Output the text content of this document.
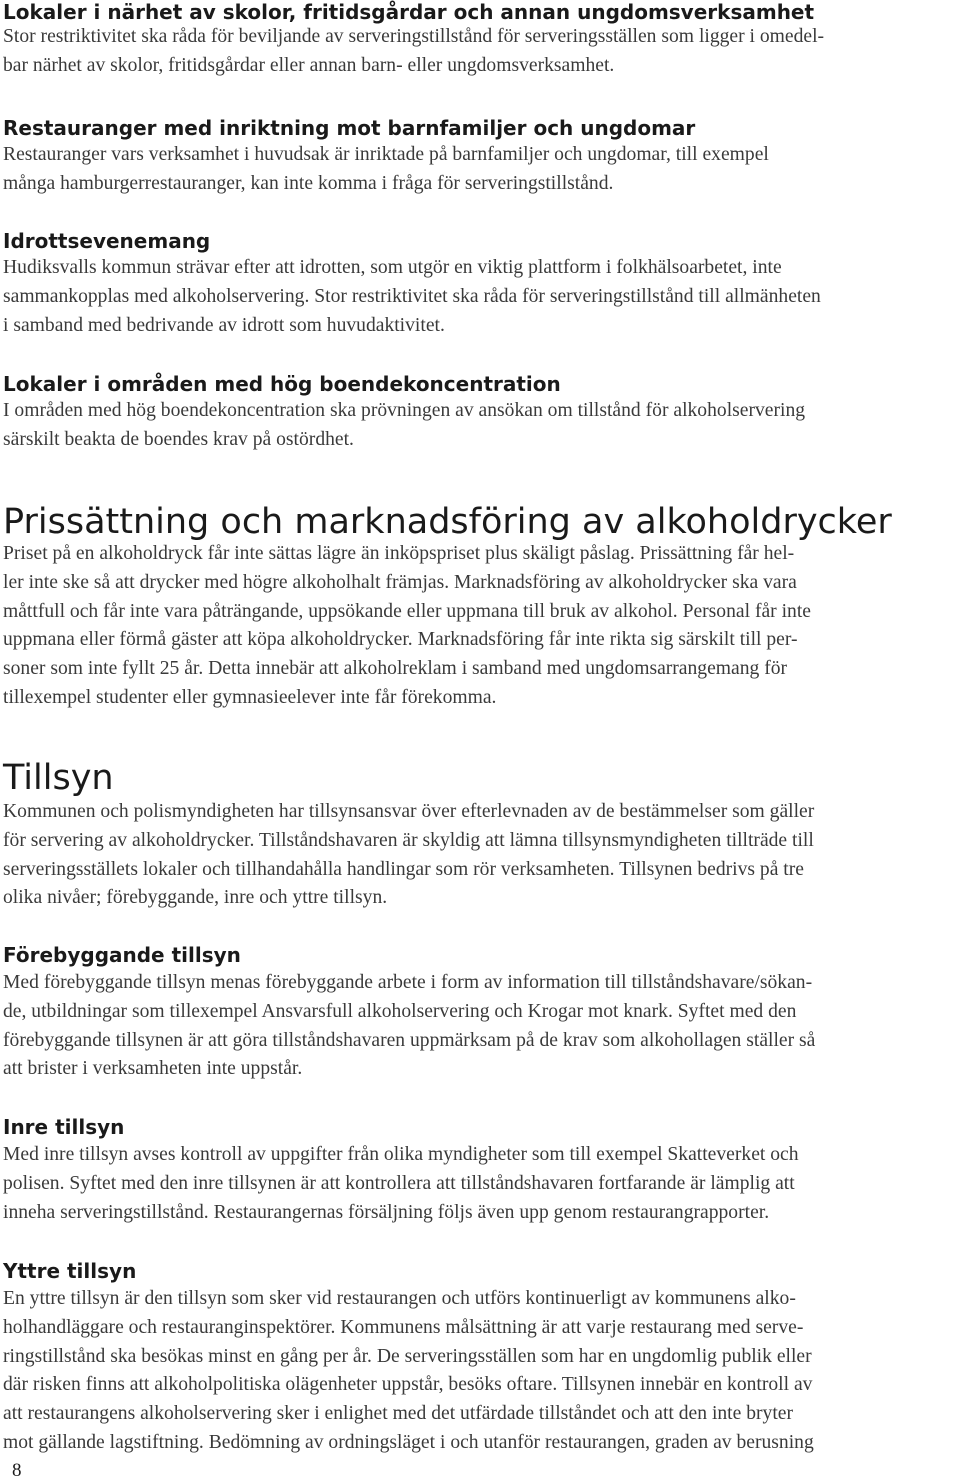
Lokaler i närhet av skolor, fritidsgårdar och annan ungdomsverksamhet

Stor restriktivitet ska råda för beviljande av serveringstillstånd för serveringsställen som ligger i omedel-
bar närhet av skolor, fritidsgårdar eller annan barn- eller ungdomsverksamhet.

Restauranger med inriktning mot barnfamiljer och ungdomar

Restauranger vars verksamhet i huvudsak är inriktade på barnfamiljer och ungdomar, till exempel
många hamburgerrestauranger, kan inte komma i fråga för serveringstillstånd.

Idrottsevenemang

Hudiksvalls kommun strävar efter att idrotten, som utgör en viktig plattform i folkhälsoarbetet, inte
sammankopplas med alkoholservering. Stor restriktivitet ska råda för serveringstillstånd till allmänheten
i samband med bedrivande av idrott som huvudaktivitet.

Lokaler i områden med hög boendekoncentration

I områden med hög boendekoncentration ska prövningen av ansökan om tillstånd för alkoholservering
särskilt beakta de boendes krav på ostördhet.

Prissättning och marknadsföring av alkoholdrycker

Priset på en alkoholdryck får inte sättas lägre än inköpspriset plus skäligt påslag. Prissättning får hel-
ler inte ske så att drycker med högre alkoholhalt främjas. Marknadsföring av alkoholdrycker ska vara
måttfull och får inte vara påträngande, uppsökande eller uppmana till bruk av alkohol. Personal får inte
uppmana eller förmå gäster att köpa alkoholdrycker. Marknadsföring får inte rikta sig särskilt till per-
soner som inte fyllt 25 år. Detta innebär att alkoholreklam i samband med ungdomsarrangemang för
tillexempel studenter eller gymnasieelever inte får förekomma.

Tillsyn

Kommunen och polismyndigheten har tillsynsansvar över efterlevnaden av de bestämmelser som gäller
för servering av alkoholdrycker. Tillståndshavaren är skyldig att lämna tillsynsmyndigheten tillträde till
serveringsställets lokaler och tillhandahålla handlingar som rör verksamheten. Tillsynen bedrivs på tre
olika nivåer; förebyggande, inre och yttre tillsyn.

Förebyggande tillsyn

Med förebyggande tillsyn menas förebyggande arbete i form av information till tillståndshavare/sökan-
de, utbildningar som tillexempel Ansvarsfull alkoholservering och Krogar mot knark. Syftet med den
förebyggande tillsynen är att göra tillståndshavaren uppmärksam på de krav som alkohollagen ställer så
att brister i verksamheten inte uppstår.

Inre tillsyn

Med inre tillsyn avses kontroll av uppgifter från olika myndigheter som till exempel Skatteverket och
polisen. Syftet med den inre tillsynen är att kontrollera att tillståndshavaren fortfarande är lämplig att
inneha serveringstillstånd. Restaurangernas försäljning följs även upp genom restaurangrapporter.

Yttre tillsyn

En yttre tillsyn är den tillsyn som sker vid restaurangen och utförs kontinuerligt av kommunens alko-
holhandläggare och restauranginspektörer. Kommunens målsättning är att varje restaurang med serve-
ringstillstånd ska besökas minst en gång per år. De serveringsställen som har en ungdomlig publik eller
där risken finns att alkoholpolitiska olägenheter uppstår, besöks oftare. Tillsynen innebär en kontroll av
att restaurangens alkoholservering sker i enlighet med det utfärdade tillståndet och att den inte bryter
mot gällande lagstiftning. Bedömning av ordningsläget i och utanför restaurangen, graden av berusning

8
